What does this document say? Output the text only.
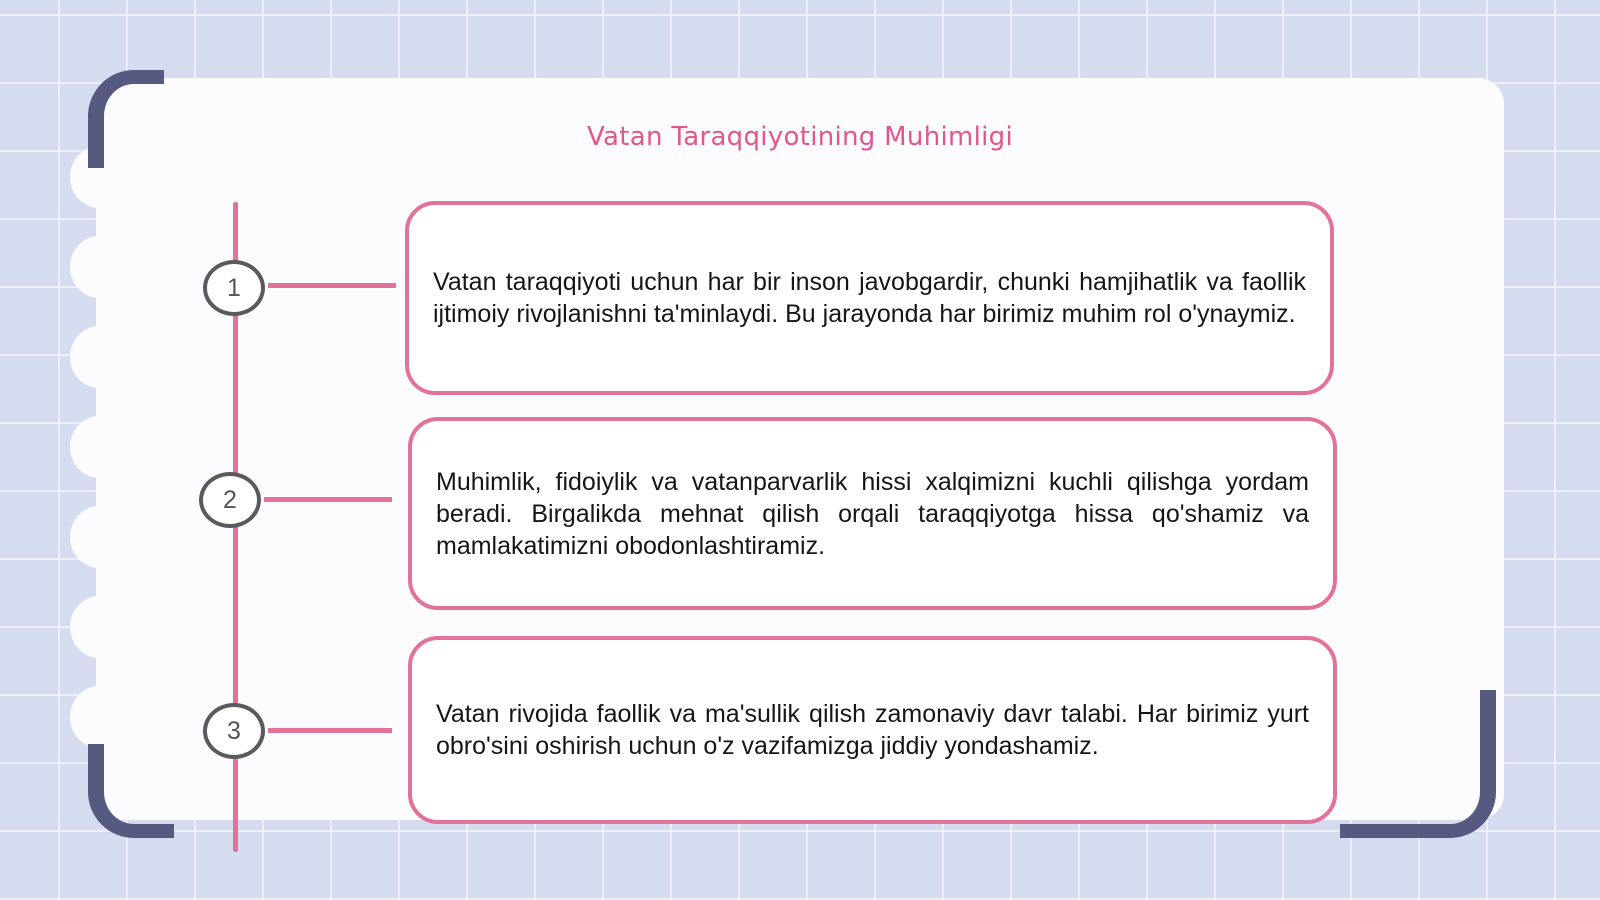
Vatan Taraqqiyotining Muhimligi
1
2
3

Vatan taraqqiyoti uchun har bir inson javobgardir, chunki hamjihatlik va faollik ijtimoiy rivojlanishni ta'minlaydi. Bu jarayonda har birimiz muhim rol o'ynaymiz.

Muhimlik, fidoiylik va vatanparvarlik hissi xalqimizni kuchli qilishga yordam beradi. Birgalikda mehnat qilish orqali taraqqiyotga hissa qo'shamiz va mamlakatimizni obodonlashtiramiz.

Vatan rivojida faollik va ma'sullik qilish zamonaviy davr talabi. Har birimiz yurt obro'sini oshirish uchun o'z vazifamizga jiddiy yondashamiz.
